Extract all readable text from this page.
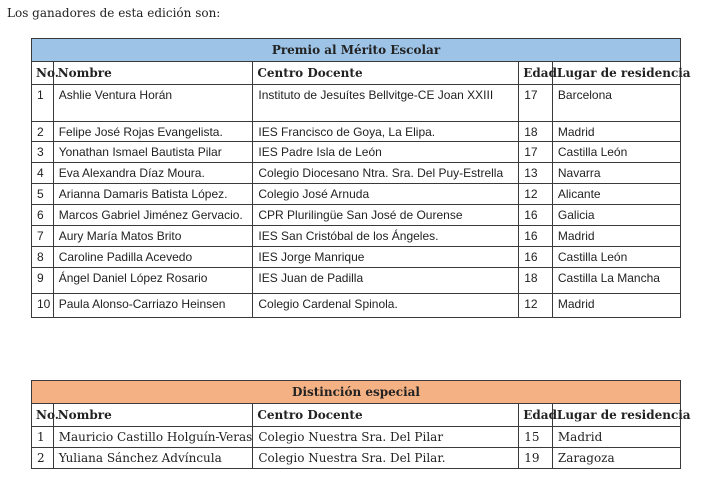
Los ganadores de esta edición son:
Premio al Mérito Escolar				
No.	Nombre	Centro Docente	Edad	Lugar de residencia
1	Ashlie Ventura Horán	Instituto de Jesuítes Bellvitge-CE Joan XXIII	17	Barcelona
2	Felipe José Rojas Evangelista.	IES Francisco de Goya, La Elipa.	18	Madrid
3	Yonathan Ismael Bautista Pilar	IES Padre Isla de León	17	Castilla León
4	Eva Alexandra Díaz Moura.	Colegio Diocesano Ntra. Sra. Del Puy-Estrella	13	Navarra
5	Arianna Damaris Batista López.	Colegio José Arnuda	12	Alicante
6	Marcos Gabriel Jiménez Gervacio.	CPR Plurilingüe San José de Ourense	16	Galicia
7	Aury María Matos Brito	IES San Cristóbal de los Ángeles.	16	Madrid
8	Caroline Padilla Acevedo	IES Jorge Manrique	16	Castilla León
9	Ángel Daniel López Rosario	IES Juan de Padilla	18	Castilla La Mancha
10	Paula Alonso-Carriazo Heinsen	Colegio Cardenal Spinola.	12	Madrid
Distinción especial				
No.	Nombre	Centro Docente	Edad	Lugar de residencia
1	Mauricio Castillo Holguín-Veras	Colegio Nuestra Sra. Del Pilar	15	Madrid
2	Yuliana Sánchez Advíncula	Colegio Nuestra Sra. Del Pilar.	19	Zaragoza
